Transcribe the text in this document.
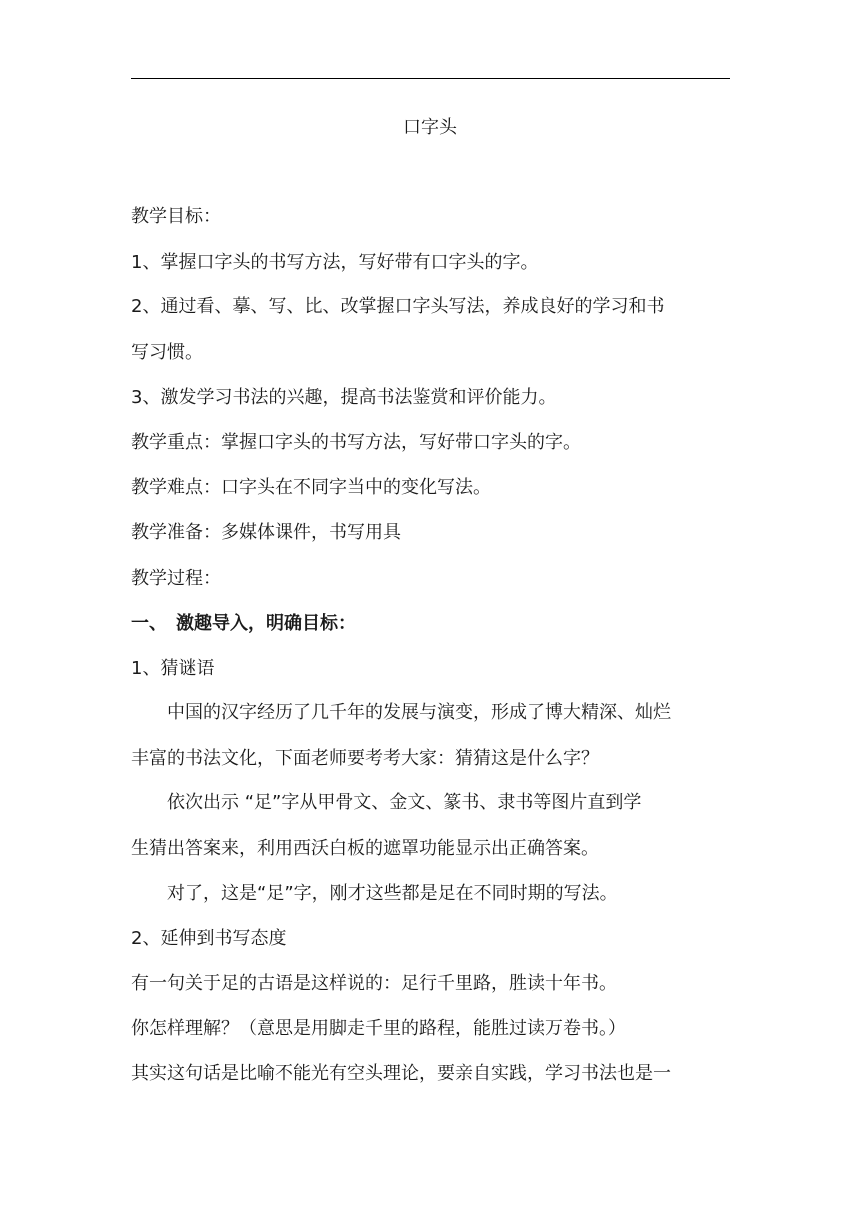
口字头
教学目标：
1、掌握口字头的书写方法，写好带有口字头的字。
2、通过看、摹、写、比、改掌握口字头写法，养成良好的学习和书
写习惯。
3、激发学习书法的兴趣，提高书法鉴赏和评价能力。
教学重点：掌握口字头的书写方法，写好带口字头的字。
教学难点：口字头在不同字当中的变化写法。
教学准备：多媒体课件，书写用具
教学过程：
一、　激趣导入，明确目标：
1、猜谜语
　　中国的汉字经历了几千年的发展与演变，形成了博大精深、灿烂
丰富的书法文化，下面老师要考考大家：猜猜这是什么字？
　　依次出示 “足”字从甲骨文、金文、篆书、隶书等图片直到学
生猜出答案来，利用西沃白板的遮罩功能显示出正确答案。
　　对了，这是“足”字，刚才这些都是足在不同时期的写法。
2、延伸到书写态度
有一句关于足的古语是这样说的：足行千里路，胜读十年书。
你怎样理解？（意思是用脚走千里的路程，能胜过读万卷书。）
其实这句话是比喻不能光有空头理论，要亲自实践，学习书法也是一
